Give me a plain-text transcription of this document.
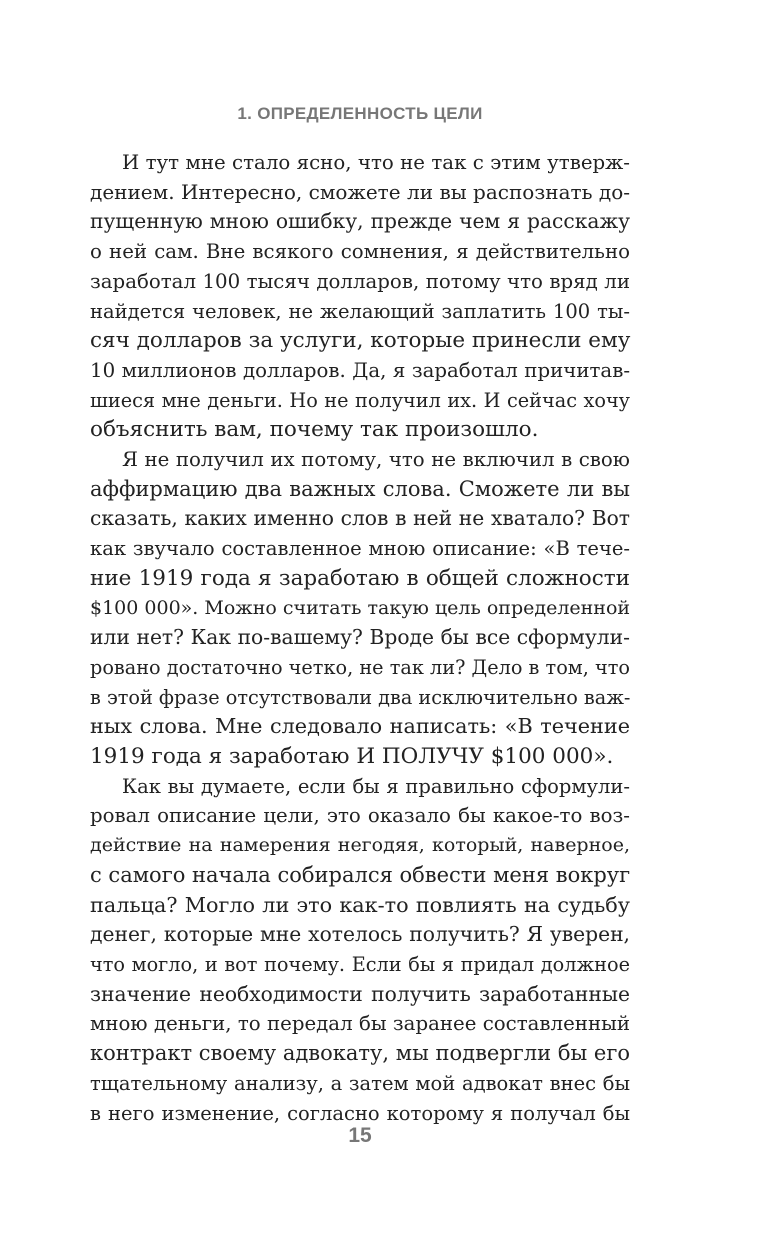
1. ОПРЕДЕЛЕННОСТЬ ЦЕЛИ
И тут мне стало ясно, что не так с этим утверж-
дением. Интересно, сможете ли вы распознать до-
пущенную мною ошибку, прежде чем я расскажу
о ней сам. Вне всякого сомнения, я действительно
заработал 100 тысяч долларов, потому что вряд ли
найдется человек, не желающий заплатить 100 ты-
сяч долларов за услуги, которые принесли ему
10 миллионов долларов. Да, я заработал причитав-
шиеся мне деньги. Но не получил их. И сейчас хочу
объяснить вам, почему так произошло.
Я не получил их потому, что не включил в свою
аффирмацию два важных слова. Сможете ли вы
сказать, каких именно слов в ней не хватало? Вот
как звучало составленное мною описание: «В тече-
ние 1919 года я заработаю в общей сложности
$100 000». Можно считать такую цель определенной
или нет? Как по-вашему? Вроде бы все сформули-
ровано достаточно четко, не так ли? Дело в том, что
в этой фразе отсутствовали два исключительно важ-
ных слова. Мне следовало написать: «В течение
1919 года я заработаю И ПОЛУЧУ $100 000».
Как вы думаете, если бы я правильно сформули-
ровал описание цели, это оказало бы какое-то воз-
действие на намерения негодяя, который, наверное,
с самого начала собирался обвести меня вокруг
пальца? Могло ли это как-то повлиять на судьбу
денег, которые мне хотелось получить? Я уверен,
что могло, и вот почему. Если бы я придал должное
значение необходимости получить заработанные
мною деньги, то передал бы заранее составленный
контракт своему адвокату, мы подвергли бы его
тщательному анализу, а затем мой адвокат внес бы
в него изменение, согласно которому я получал бы
15
